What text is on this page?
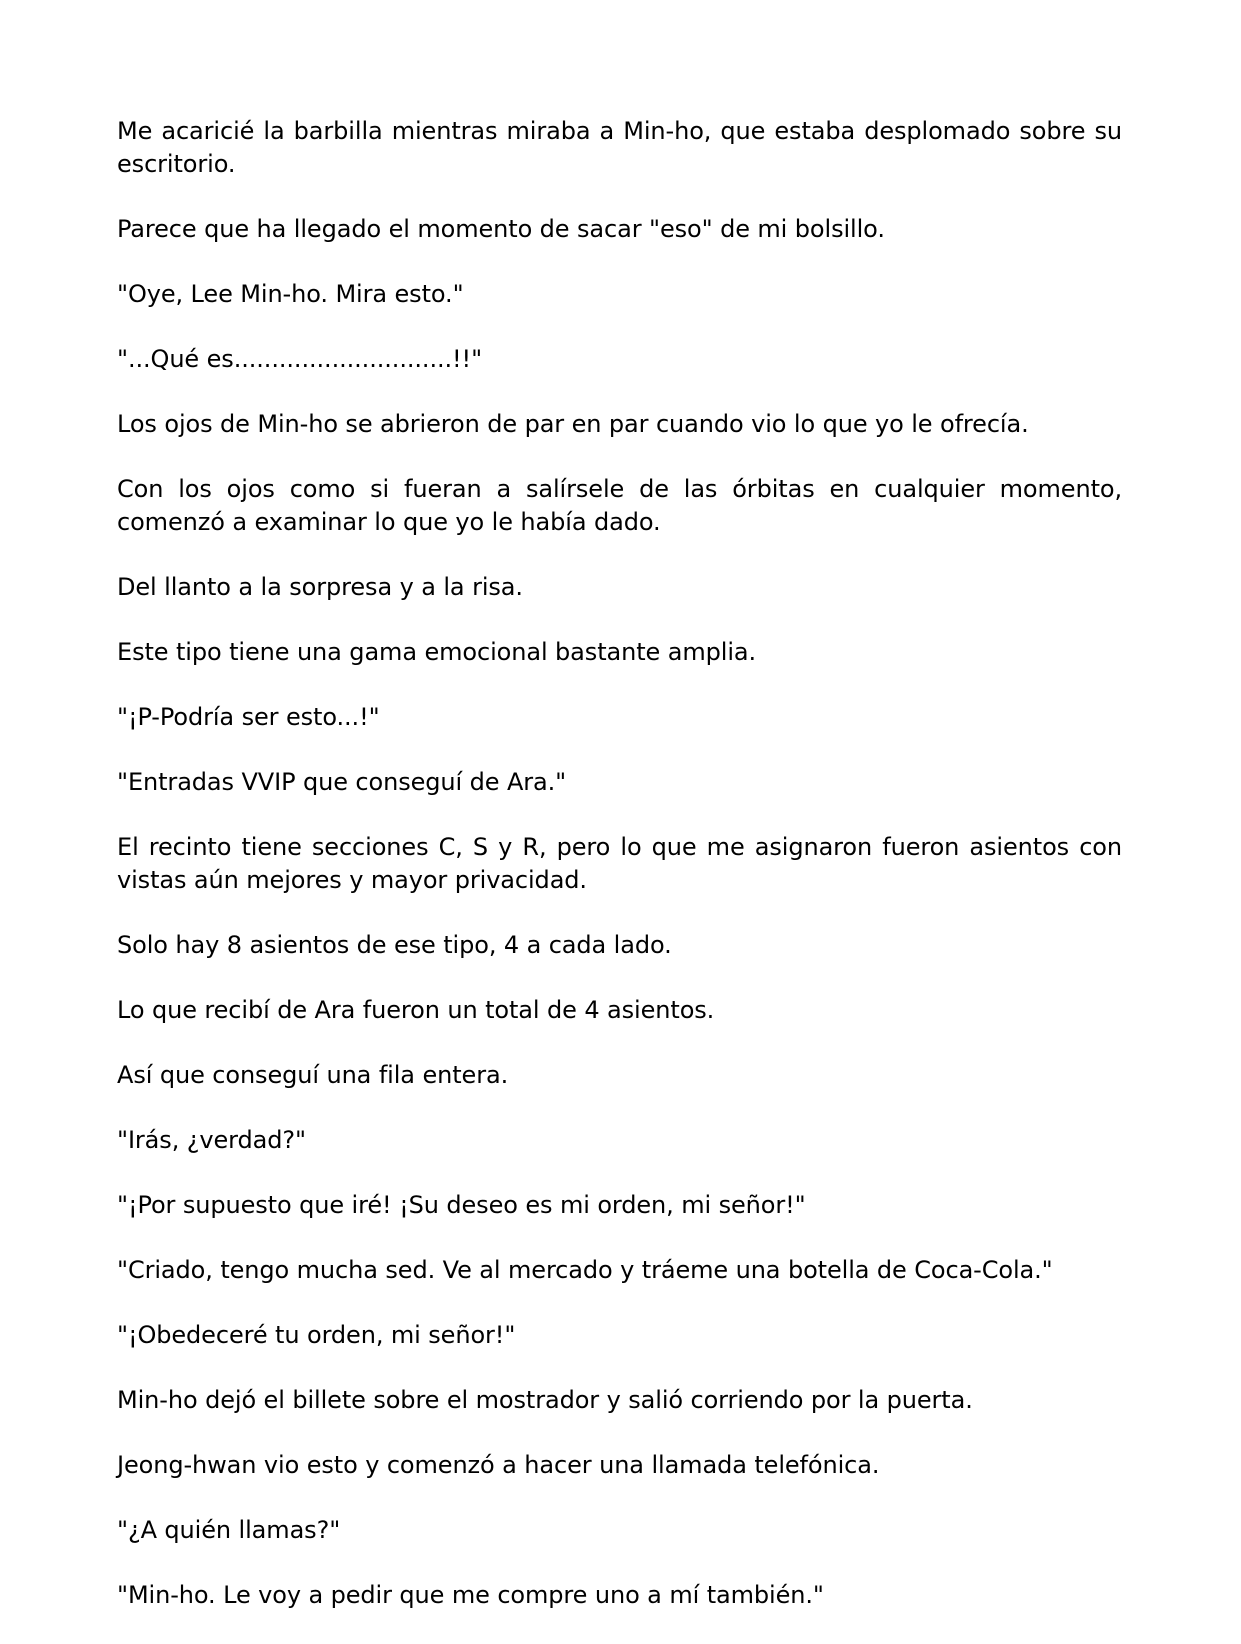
Me acaricié la barbilla mientras miraba a Min-ho, que estaba desplomado sobre su escritorio.

Parece que ha llegado el momento de sacar "eso" de mi bolsillo.

"Oye, Lee Min-ho. Mira esto."

"...Qué es.............................!!"

Los ojos de Min-ho se abrieron de par en par cuando vio lo que yo le ofrecía.

Con los ojos como si fueran a salírsele de las órbitas en cualquier momento, comenzó a examinar lo que yo le había dado.

Del llanto a la sorpresa y a la risa.

Este tipo tiene una gama emocional bastante amplia.

"¡P-Podría ser esto...!"

"Entradas VVIP que conseguí de Ara."

El recinto tiene secciones C, S y R, pero lo que me asignaron fueron asientos con vistas aún mejores y mayor privacidad.

Solo hay 8 asientos de ese tipo, 4 a cada lado.

Lo que recibí de Ara fueron un total de 4 asientos.

Así que conseguí una fila entera.

"Irás, ¿verdad?"

"¡Por supuesto que iré! ¡Su deseo es mi orden, mi señor!"

"Criado, tengo mucha sed. Ve al mercado y tráeme una botella de Coca-Cola."

"¡Obedeceré tu orden, mi señor!"

Min-ho dejó el billete sobre el mostrador y salió corriendo por la puerta.

Jeong-hwan vio esto y comenzó a hacer una llamada telefónica.

"¿A quién llamas?"

"Min-ho. Le voy a pedir que me compre uno a mí también."
